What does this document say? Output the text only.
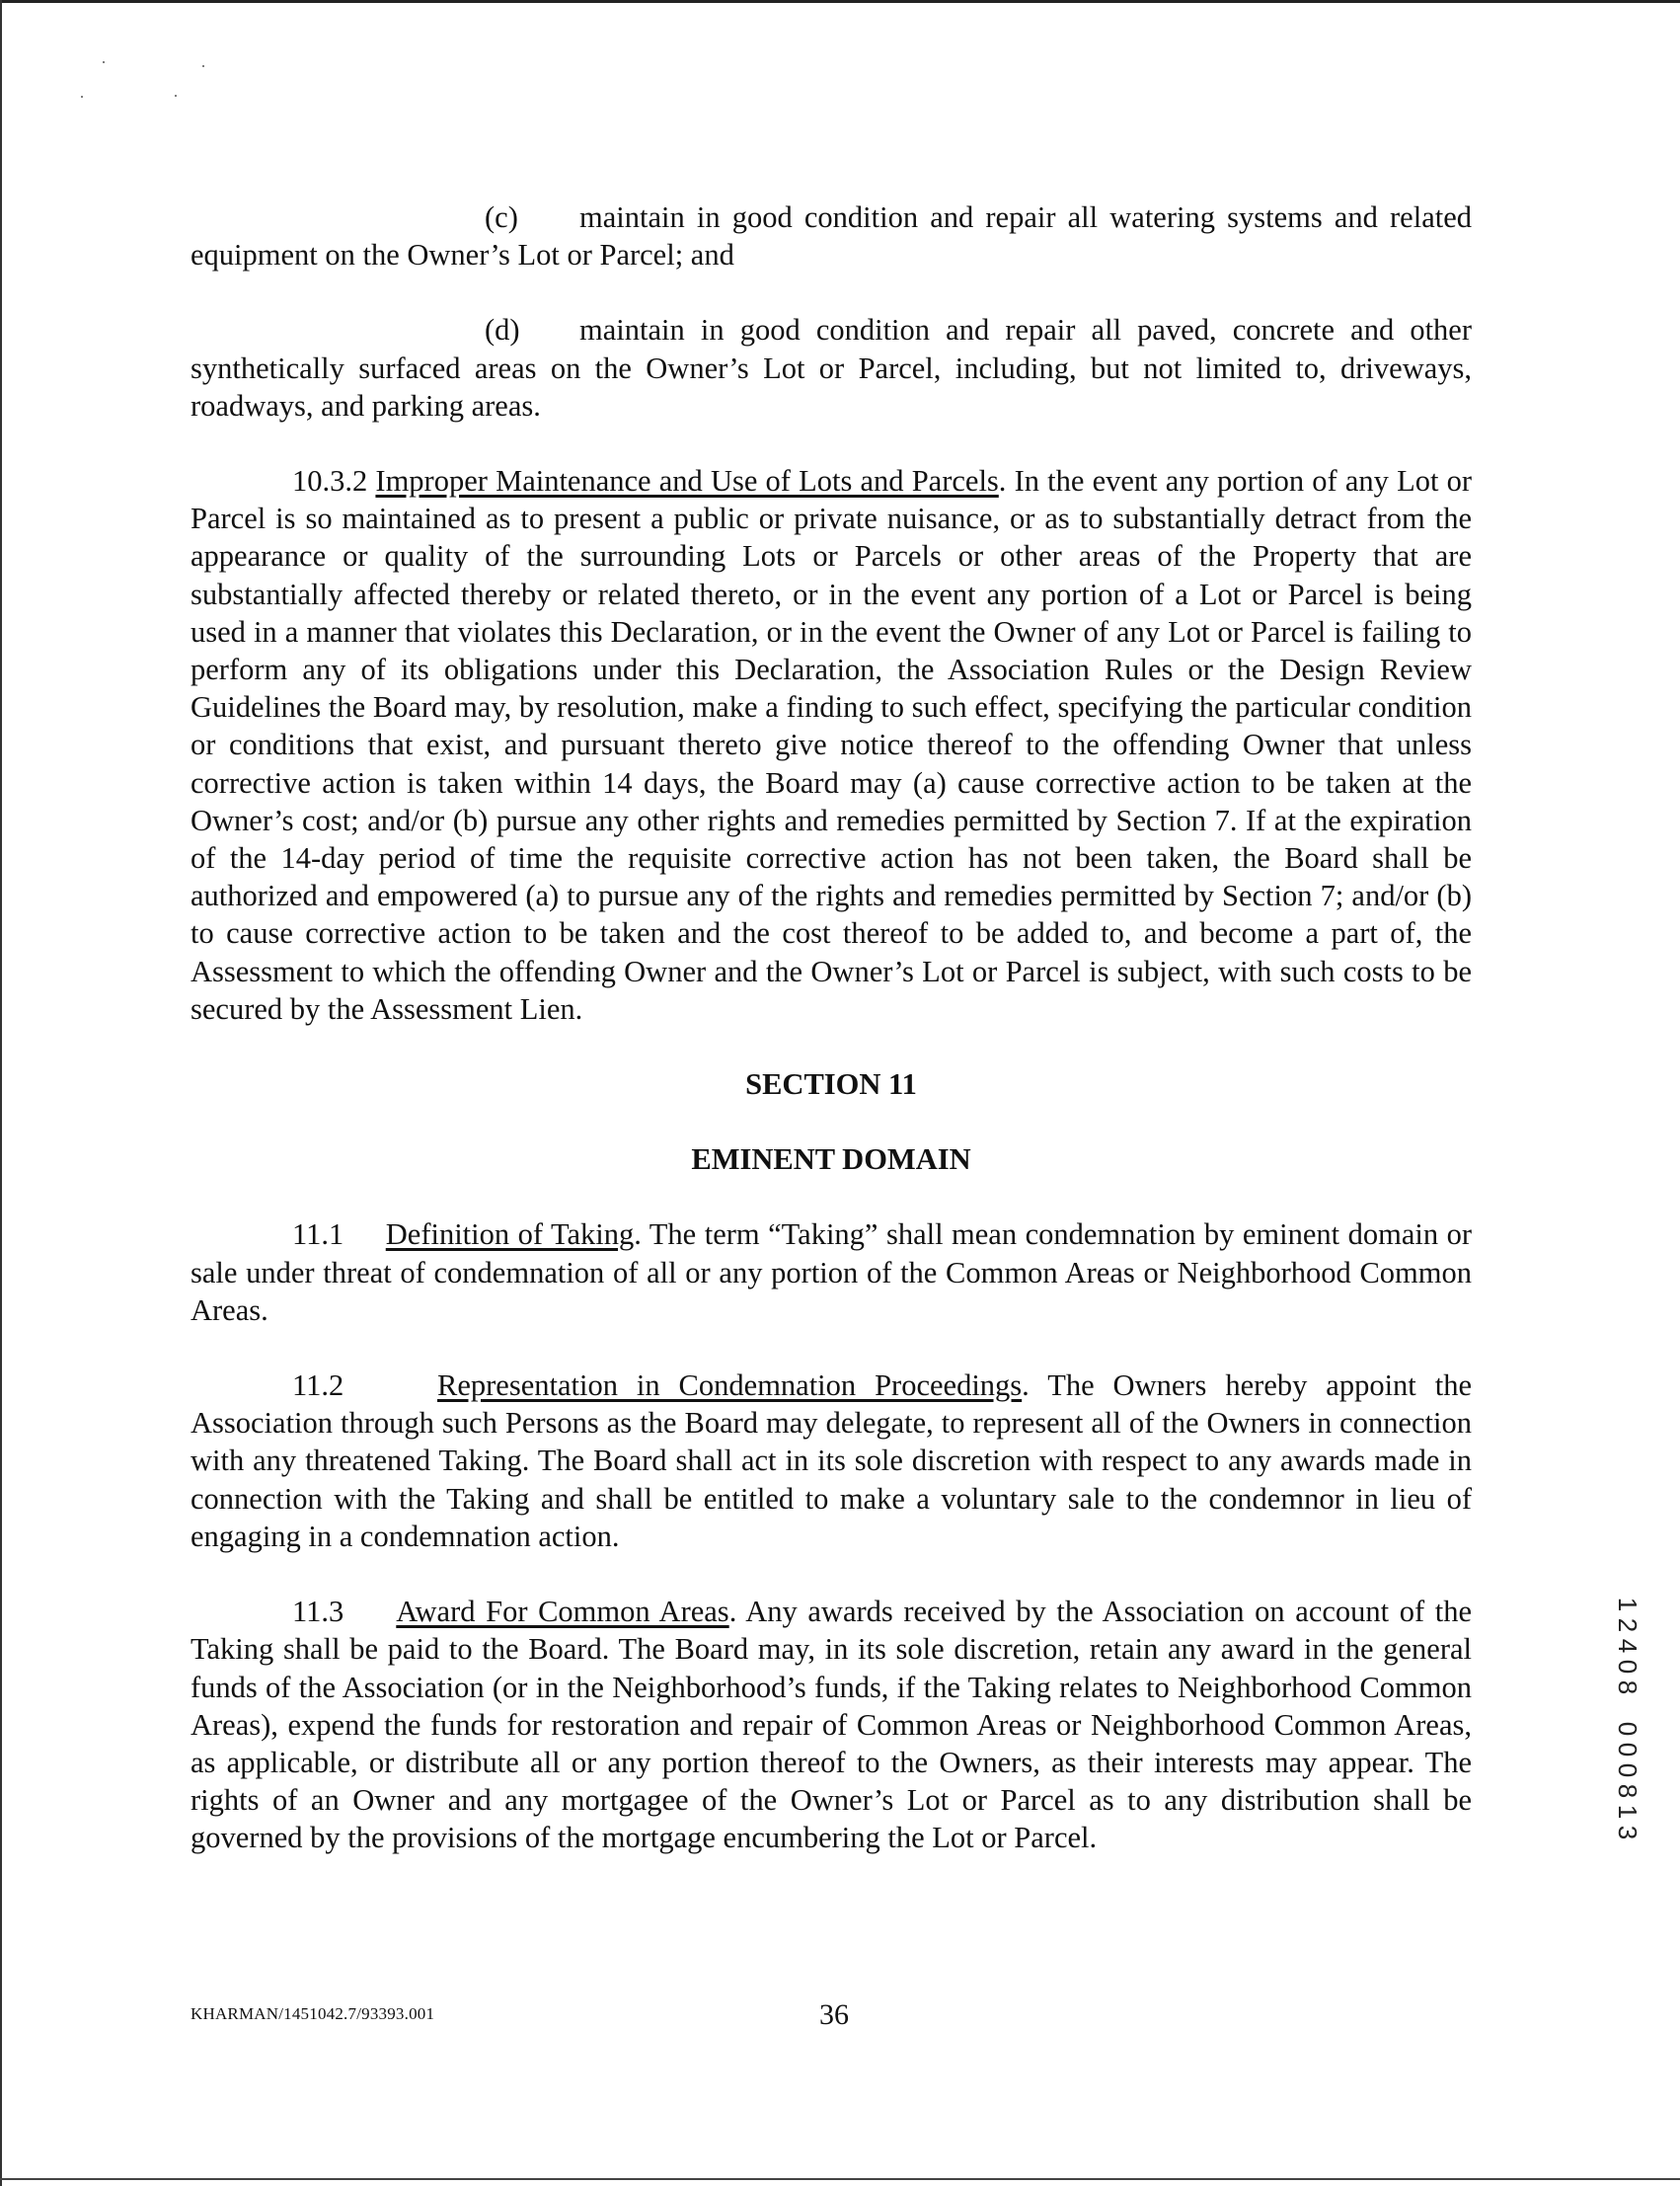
(c) maintain in good condition and repair all watering systems and related equipment on the Owner’s Lot or Parcel; and

(d) maintain in good condition and repair all paved, concrete and other synthetically surfaced areas on the Owner’s Lot or Parcel, including, but not limited to, driveways, roadways, and parking areas.

10.3.2 Improper Maintenance and Use of Lots and Parcels. In the event any portion of any Lot or Parcel is so maintained as to present a public or private nuisance, or as to substantially detract from the appearance or quality of the surrounding Lots or Parcels or other areas of the Property that are substantially affected thereby or related thereto, or in the event any portion of a Lot or Parcel is being used in a manner that violates this Declaration, or in the event the Owner of any Lot or Parcel is failing to perform any of its obligations under this Declaration, the Association Rules or the Design Review Guidelines the Board may, by resolution, make a finding to such effect, specifying the particular condition or conditions that exist, and pursuant thereto give notice thereof to the offending Owner that unless corrective action is taken within 14 days, the Board may (a) cause corrective action to be taken at the Owner’s cost; and/or (b) pursue any other rights and remedies permitted by Section 7. If at the expiration of the 14-day period of time the requisite corrective action has not been taken, the Board shall be authorized and empowered (a) to pursue any of the rights and remedies permitted by Section 7; and/or (b) to cause corrective action to be taken and the cost thereof to be added to, and become a part of, the Assessment to which the offending Owner and the Owner’s Lot or Parcel is subject, with such costs to be secured by the Assessment Lien.

SECTION 11

EMINENT DOMAIN

11.1 Definition of Taking. The term “Taking” shall mean condemnation by eminent domain or sale under threat of condemnation of all or any portion of the Common Areas or Neighborhood Common Areas.

11.2	Representation in Condemnation Proceedings. The Owners hereby appoint the Association through such Persons as the Board may delegate, to represent all of the Owners in connection with any threatened Taking. The Board shall act in its sole discretion with respect to any awards made in connection with the Taking and shall be entitled to make a voluntary sale to the condemnor in lieu of engaging in a condemnation action.

11.3 Award For Common Areas. Any awards received by the Association on account of the Taking shall be paid to the Board. The Board may, in its sole discretion, retain any award in the general funds of the Association (or in the Neighborhood’s funds, if the Taking relates to Neighborhood Common Areas), expend the funds for restoration and repair of Common Areas or Neighborhood Common Areas, as applicable, or distribute all or any portion thereof to the Owners, as their interests may appear. The rights of an Owner and any mortgagee of the Owner’s Lot or Parcel as to any distribution shall be governed by the provisions of the mortgage encumbering the Lot or Parcel.

KHARMAN/1451042.7/93393.001	36
1
2
4
0
8
0
0
0
8
1
3
